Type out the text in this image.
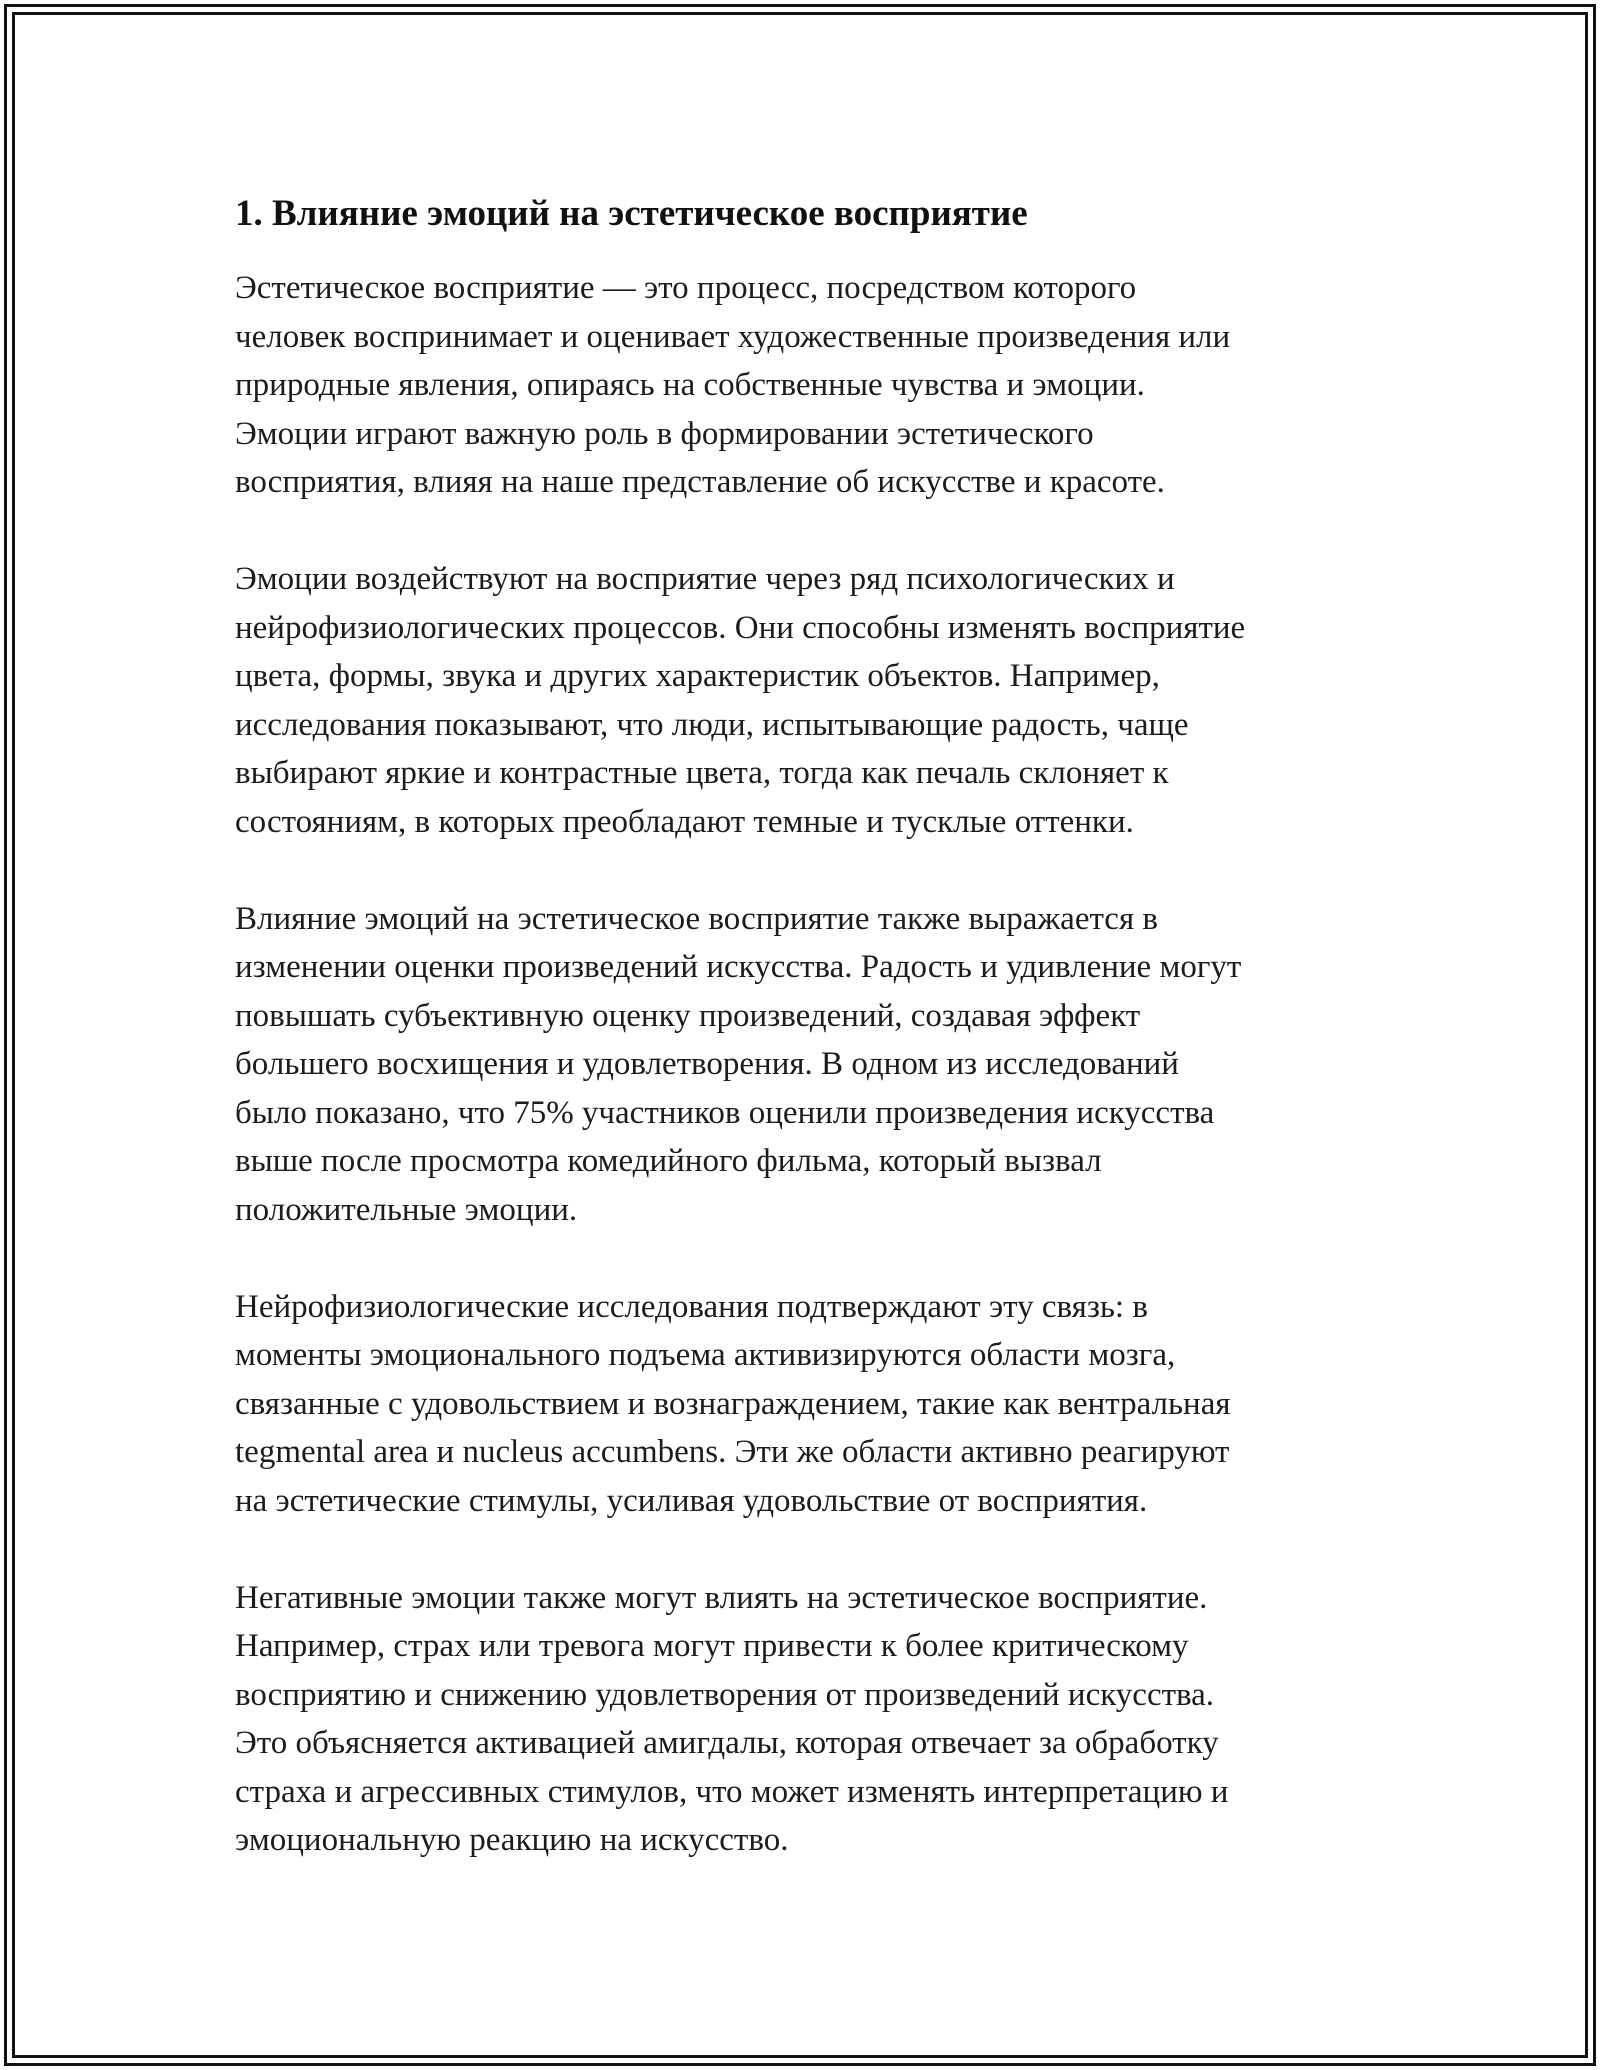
1. Влияние эмоций на эстетическое восприятие
Эстетическое восприятие — это процесс, посредством которого
человек воспринимает и оценивает художественные произведения или
природные явления, опираясь на собственные чувства и эмоции.
Эмоции играют важную роль в формировании эстетического
восприятия, влияя на наше представление об искусстве и красоте.
Эмоции воздействуют на восприятие через ряд психологических и
нейрофизиологических процессов. Они способны изменять восприятие
цвета, формы, звука и других характеристик объектов. Например,
исследования показывают, что люди, испытывающие радость, чаще
выбирают яркие и контрастные цвета, тогда как печаль склоняет к
состояниям, в которых преобладают темные и тусклые оттенки.
Влияние эмоций на эстетическое восприятие также выражается в
изменении оценки произведений искусства. Радость и удивление могут
повышать субъективную оценку произведений, создавая эффект
большего восхищения и удовлетворения. В одном из исследований
было показано, что 75% участников оценили произведения искусства
выше после просмотра комедийного фильма, который вызвал
положительные эмоции.
Нейрофизиологические исследования подтверждают эту связь: в
моменты эмоционального подъема активизируются области мозга,
связанные с удовольствием и вознаграждением, такие как вентральная
tegmental area и nucleus accumbens. Эти же области активно реагируют
на эстетические стимулы, усиливая удовольствие от восприятия.
Негативные эмоции также могут влиять на эстетическое восприятие.
Например, страх или тревога могут привести к более критическому
восприятию и снижению удовлетворения от произведений искусства.
Это объясняется активацией амигдалы, которая отвечает за обработку
страха и агрессивных стимулов, что может изменять интерпретацию и
эмоциональную реакцию на искусство.
